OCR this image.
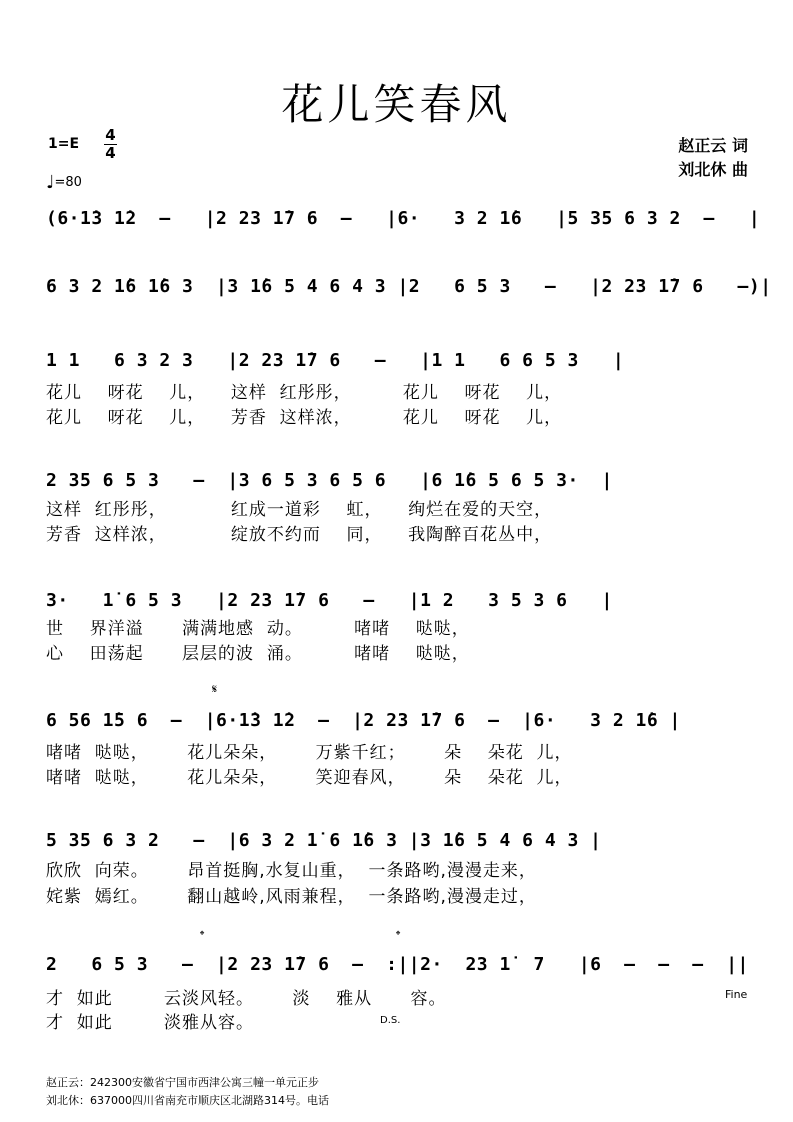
花儿笑春风
1=E 4
4
♩=80
赵正云 词
刘北休 曲
(6·1̇3 1̇2  –   |2 23 1̇7 6  –   |6·   3 2 1̇6   |5 35 6 3 2  –   |
6 3 2 1̇6 1̇6 3  |3 1̇6 5 4 6 4 3 |2   6 5 3   –   |2 23 1̇7 6   –)|
1 1   6 3 2 3   |2 23 1̇7 6   –   |1 1   6 6 5 3   |
花儿    呀花    儿，    这样  红彤彤，        花儿    呀花    儿，
花儿    呀花    儿，    芳香  这样浓，        花儿    呀花    儿，
2 35 6 5 3   –  |3 6 5 3 6 5 6   |6 1̇6 5 6 5 3·  |
这样  红彤彤，          红成一道彩    虹，    绚烂在爱的天空，
芳香  这样浓，          绽放不约而    同，    我陶醉百花丛中，
3·   1̇ 6 5 3   |2 23 1̇7 6   –   |1 2   3 5 3 6   |
世    界洋溢      满满地感  动。        啫啫    哒哒，
心    田荡起      层层的波  涌。        啫啫    哒哒，
𝄋
6 56 1̇5 6  –  |6·1̇3 1̇2  –  |2 23 1̇7 6  –  |6·   3 2 1̇6 |
啫啫  哒哒，      花儿朵朵，      万紫千红；      朵    朵花  儿，
啫啫  哒哒，      花儿朵朵，      笑迎春风，      朵    朵花  儿，
5 35 6 3 2   –  |6 3 2 1̇ 6 1̇6 3 |3 1̇6 5 4 6 4 3 |
欣欣  向荣。      昂首挺胸,水复山重，  一条路哟,漫漫走来，
姹紫  嫣红。      翻山越岭,风雨兼程，  一条路哟,漫漫走过，
𝄌	𝄌
2   6 5 3   –  |2 23 1̇7 6  –  :||2·  23 1̇  7   |6  –  –  –  ||
才  如此        云淡风轻。      淡    雅从      容。
才  如此        淡雅从容。
Fine
D.S.
赵正云：242300安徽省宁国市西津公寓三幢一单元正步
刘北休：637000四川省南充市顺庆区北湖路314号。电话
